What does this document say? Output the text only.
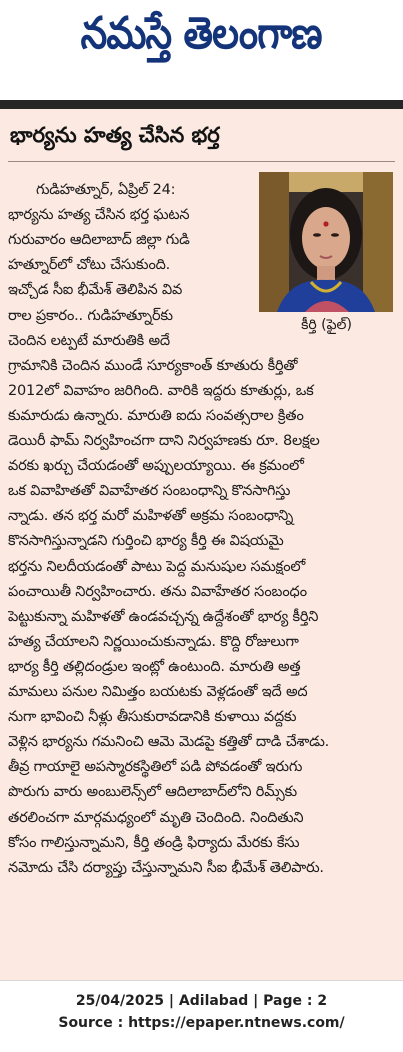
నమస్తే తెలంగాణ
భార్యను హత్య చేసిన భర్త
కీర్తి (ఫైల్)
గుడిహత్నూర్, ఏప్రిల్ 24:
భార్యను హత్య చేసిన భర్త ఘటన
గురువారం ఆదిలాబాద్ జిల్లా గుడి
హత్నూర్‌లో చోటు చేసుకుంది.
ఇచ్చోడ సీఐ భీమేశ్ తెలిపిన వివ
రాల ప్రకారం.. గుడిహత్నూర్‌కు
చెందిన లట్పటే మారుతికి అదే
గ్రామానికి చెందిన ముండే సూర్యకాంత్ కూతురు కీర్తితో
2012లో వివాహం జరిగింది. వారికి ఇద్దరు కూతుర్లు, ఒక
కుమారుడు ఉన్నారు. మారుతి ఐదు సంవత్సరాల క్రితం
డెయిరీ ఫామ్ నిర్వహించగా దాని నిర్వహణకు రూ. 8లక్షల
వరకు ఖర్చు చేయడంతో అప్పులయ్యాయి. ఈ క్రమంలో
ఒక వివాహితతో వివాహేతర సంబంధాన్ని కొనసాగిస్తు
న్నాడు. తన భర్త మరో మహిళతో అక్రమ సంబంధాన్ని
కొనసాగిస్తున్నాడని గుర్తించి భార్య కీర్తి ఈ విషయమై
భర్తను నిలదీయడంతో పాటు పెద్ద మనుషుల సమక్షంలో
పంచాయితీ నిర్వహించారు. తను వివాహేతర సంబంధం
పెట్టుకున్నా మహిళతో ఉండవచ్చన్న ఉద్దేశంతో భార్య కీర్తిని
హత్య చేయాలని నిర్ణయించుకున్నాడు. కొద్ది రోజులుగా
భార్య కీర్తి తల్లిదండ్రుల ఇంట్లో ఉంటుంది. మారుతి అత్త
మామలు పనుల నిమిత్తం బయటకు వెళ్లడంతో ఇదే అద
నుగా భావించి నీళ్లు తీసుకురావడానికి కుళాయి వద్దకు
వెళ్లిన భార్యను గమనించి ఆమె మెడపై కత్తితో దాడి చేశాడు.
తీవ్ర గాయాలై అపస్మారకస్థితిలో పడి పోవడంతో ఇరుగు
పొరుగు వారు అంబులెన్స్‌లో ఆదిలాబాద్‌లోని రిమ్స్‌కు
తరలించగా మార్గమధ్యంలో మృతి చెందింది. నిందితుని
కోసం గాలిస్తున్నామని, కీర్తి తండ్రి ఫిర్యాదు మేరకు కేసు
నమోదు చేసి దర్యాప్తు చేస్తున్నామని సీఐ భీమేశ్ తెలిపారు.
25/04/2025 | Adilabad | Page : 2
Source : https://epaper.ntnews.com/
